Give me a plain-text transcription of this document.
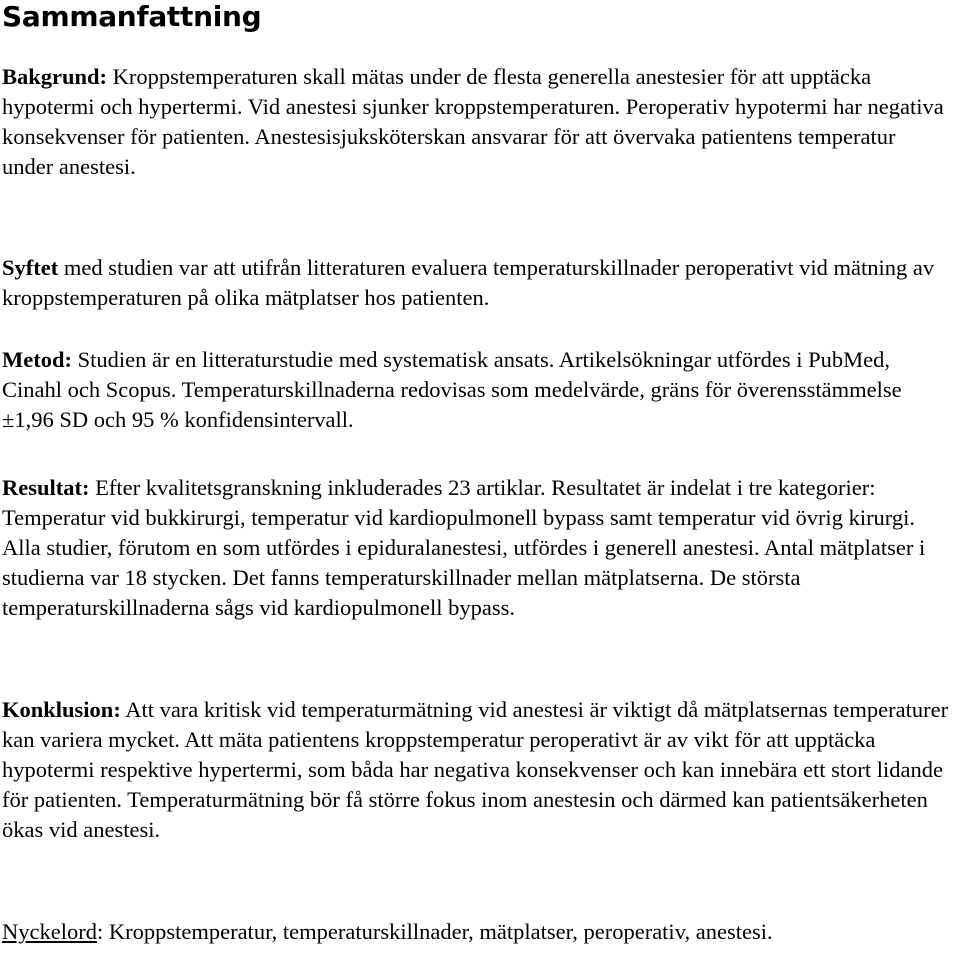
Sammanfattning

Bakgrund: Kroppstemperaturen skall mätas under de flesta generella anestesier för att upptäcka hypotermi och hypertermi. Vid anestesi sjunker kroppstemperaturen. Peroperativ hypotermi har negativa konsekvenser för patienten. Anestesisjuksköterskan ansvarar för att övervaka patientens temperatur under anestesi.

Syftet med studien var att utifrån litteraturen evaluera temperaturskillnader peroperativt vid mätning av kroppstemperaturen på olika mätplatser hos patienten.

Metod: Studien är en litteraturstudie med systematisk ansats. Artikelsökningar utfördes i PubMed, Cinahl och Scopus. Temperaturskillnaderna redovisas som medelvärde, gräns för överensstämmelse ±1,96 SD och 95 % konfidensintervall.

Resultat: Efter kvalitetsgranskning inkluderades 23 artiklar. Resultatet är indelat i tre kategorier: Temperatur vid bukkirurgi, temperatur vid kardiopulmonell bypass samt temperatur vid övrig kirurgi. Alla studier, förutom en som utfördes i epiduralanestesi, utfördes i generell anestesi. Antal mätplatser i studierna var 18 stycken. Det fanns temperaturskillnader mellan mätplatserna. De största temperaturskillnaderna sågs vid kardiopulmonell bypass.

Konklusion: Att vara kritisk vid temperaturmätning vid anestesi är viktigt då mätplatsernas temperaturer kan variera mycket. Att mäta patientens kroppstemperatur peroperativt är av vikt för att upptäcka hypotermi respektive hypertermi, som båda har negativa konsekvenser och kan innebära ett stort lidande för patienten. Temperaturmätning bör få större fokus inom anestesin och därmed kan patientsäkerheten ökas vid anestesi.

Nyckelord: Kroppstemperatur, temperaturskillnader, mätplatser, peroperativ, anestesi.
